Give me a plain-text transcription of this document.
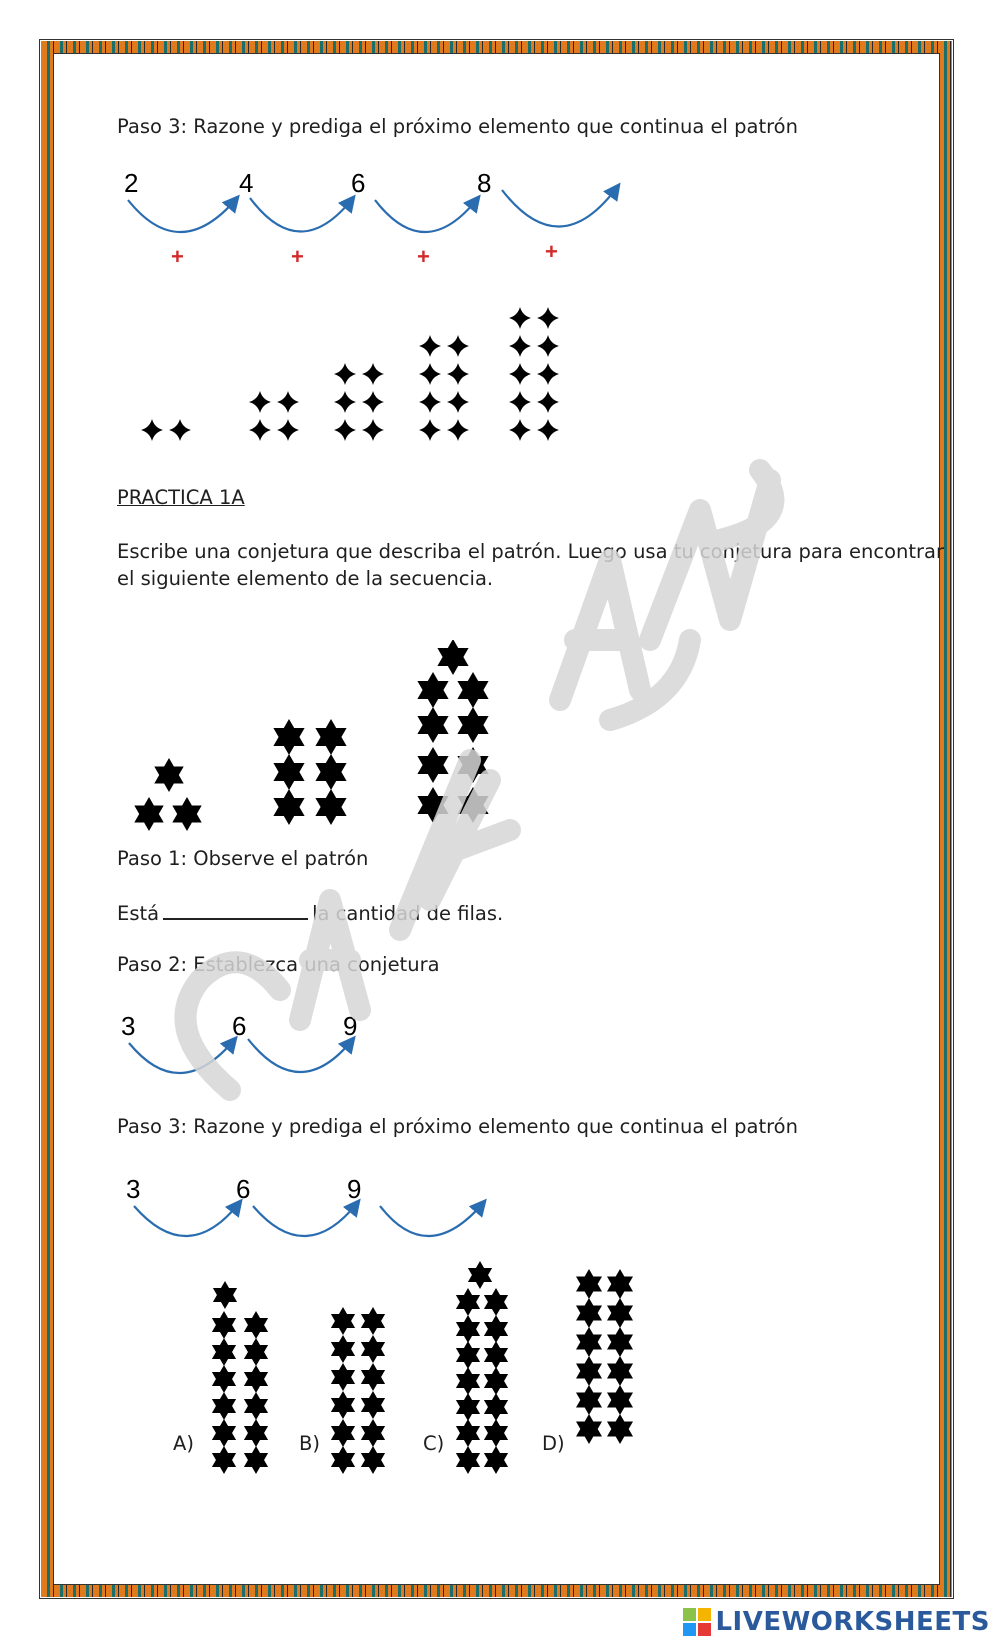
Paso 3: Razone y prediga el próximo elemento que continua el patrón
2	4	6	8
+	+	+	+
PRACTICA 1A
Escribe una conjetura que describa el patrón. Luego usa tu conjetura para encontrar
el siguiente elemento de la secuencia.
Paso 1: Observe el patrón
Está	la cantidad de filas.
Paso 2: Establezca una conjetura
3	6	9
Paso 3: Razone y prediga el próximo elemento que continua el patrón
3	6	9
A)	B)	C)	D)
LIVEWORKSHEETS
